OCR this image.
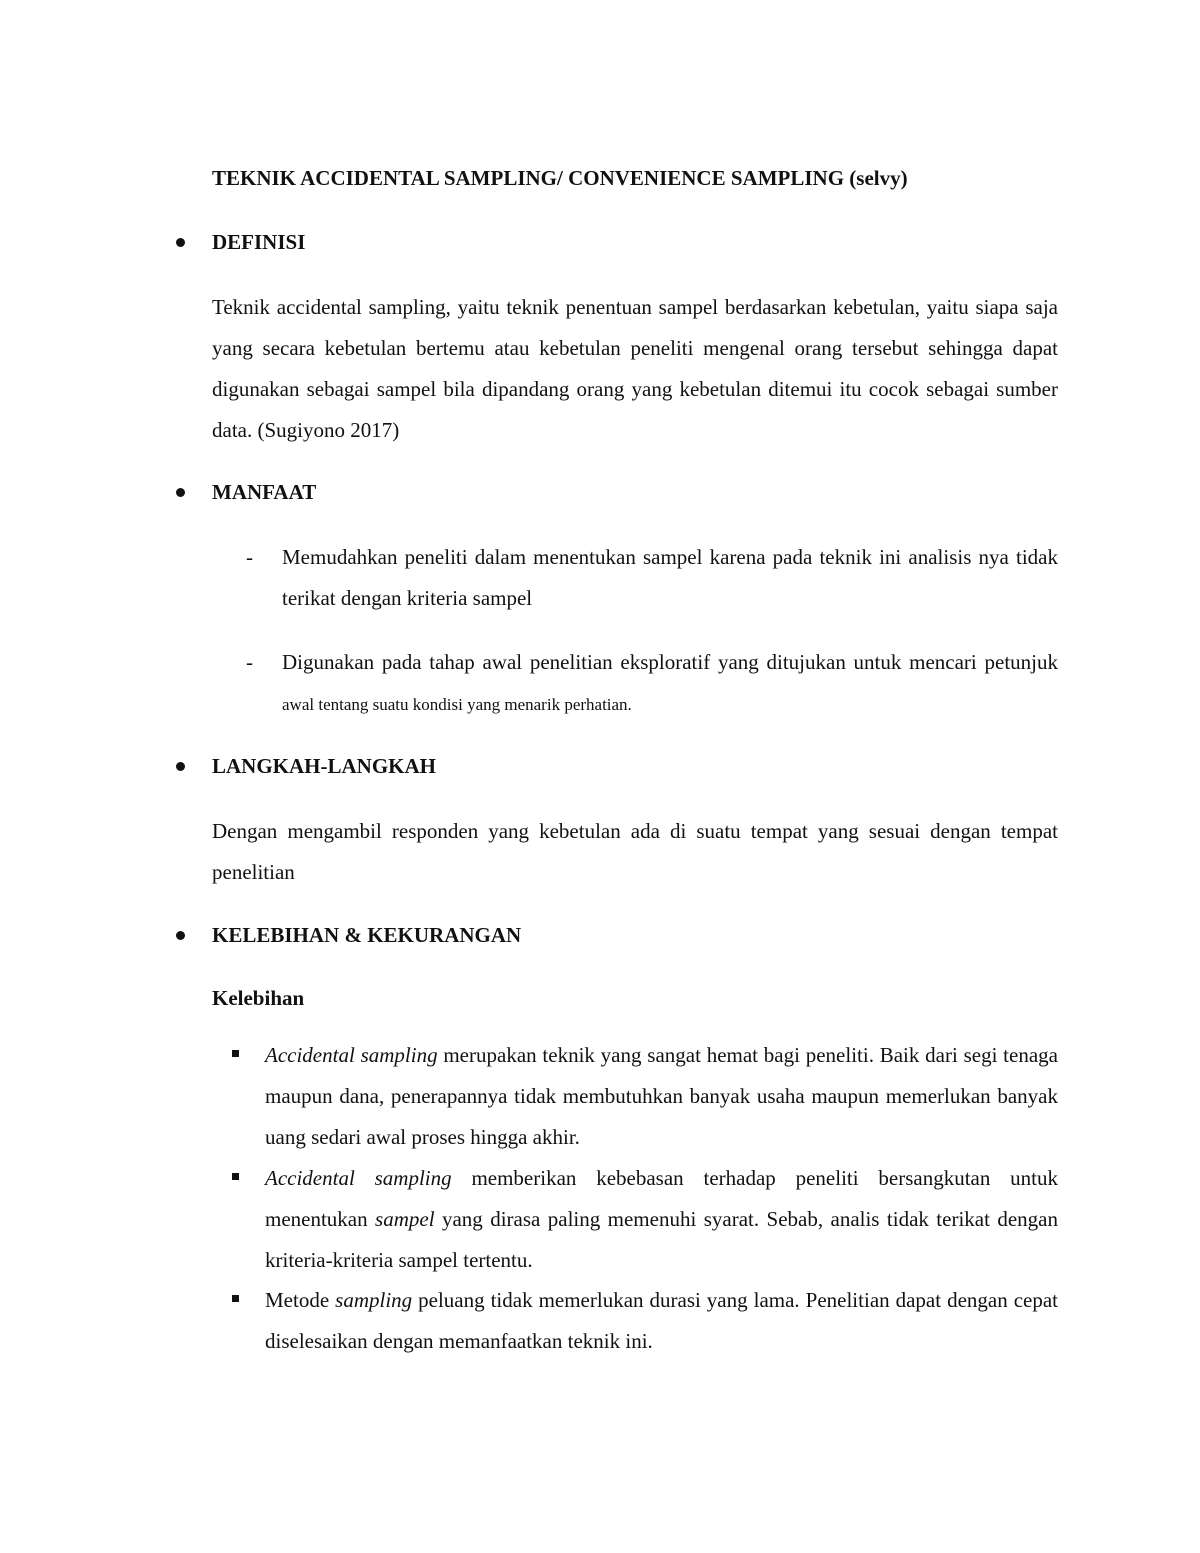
TEKNIK ACCIDENTAL SAMPLING/ CONVENIENCE SAMPLING (selvy)
DEFINISI
Teknik accidental sampling, yaitu teknik penentuan sampel berdasarkan kebetulan, yaitu siapa saja yang secara kebetulan bertemu atau kebetulan peneliti mengenal orang tersebut sehingga dapat digunakan sebagai sampel bila dipandang orang yang kebetulan ditemui itu cocok sebagai sumber data. (Sugiyono 2017)
MANFAAT
- Memudahkan peneliti dalam menentukan sampel karena pada teknik ini analisis nya tidak terikat dengan kriteria sampel
- Digunakan pada tahap awal penelitian eksploratif yang ditujukan untuk mencari petunjuk awal tentang suatu kondisi yang menarik perhatian.
LANGKAH-LANGKAH
Dengan mengambil responden yang kebetulan ada di suatu tempat yang sesuai dengan tempat penelitian
KELEBIHAN & KEKURANGAN
Kelebihan
Accidental sampling merupakan teknik yang sangat hemat bagi peneliti. Baik dari segi tenaga maupun dana, penerapannya tidak membutuhkan banyak usaha maupun memerlukan banyak uang sedari awal proses hingga akhir.
Accidental sampling memberikan kebebasan terhadap peneliti bersangkutan untuk menentukan sampel yang dirasa paling memenuhi syarat. Sebab, analis tidak terikat dengan kriteria-kriteria sampel tertentu.
Metode sampling peluang tidak memerlukan durasi yang lama. Penelitian dapat dengan cepat diselesaikan dengan memanfaatkan teknik ini.
